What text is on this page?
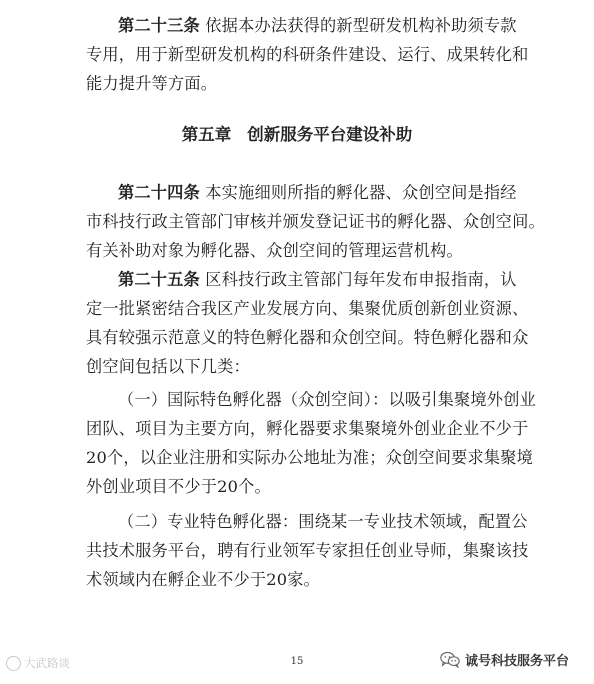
第二十三条 依据本办法获得的新型研发机构补助须专款
专用，用于新型研发机构的科研条件建设、运行、成果转化和
能力提升等方面。
第五章 创新服务平台建设补助
第二十四条 本实施细则所指的孵化器、众创空间是指经
市科技行政主管部门审核并颁发登记证书的孵化器、众创空间。
有关补助对象为孵化器、众创空间的管理运营机构。
第二十五条 区科技行政主管部门每年发布申报指南，认
定一批紧密结合我区产业发展方向、集聚优质创新创业资源、
具有较强示范意义的特色孵化器和众创空间。特色孵化器和众
创空间包括以下几类：
（一）国际特色孵化器（众创空间）：以吸引集聚境外创业
团队、项目为主要方向，孵化器要求集聚境外创业企业不少于
20个，以企业注册和实际办公地址为准；众创空间要求集聚境
外创业项目不少于20个。
（二）专业特色孵化器：围绕某一专业技术领域，配置公
共技术服务平台，聘有行业领军专家担任创业导师，集聚该技
术领域内在孵企业不少于20家。
大武路谈	15	诚号科技服务平台
